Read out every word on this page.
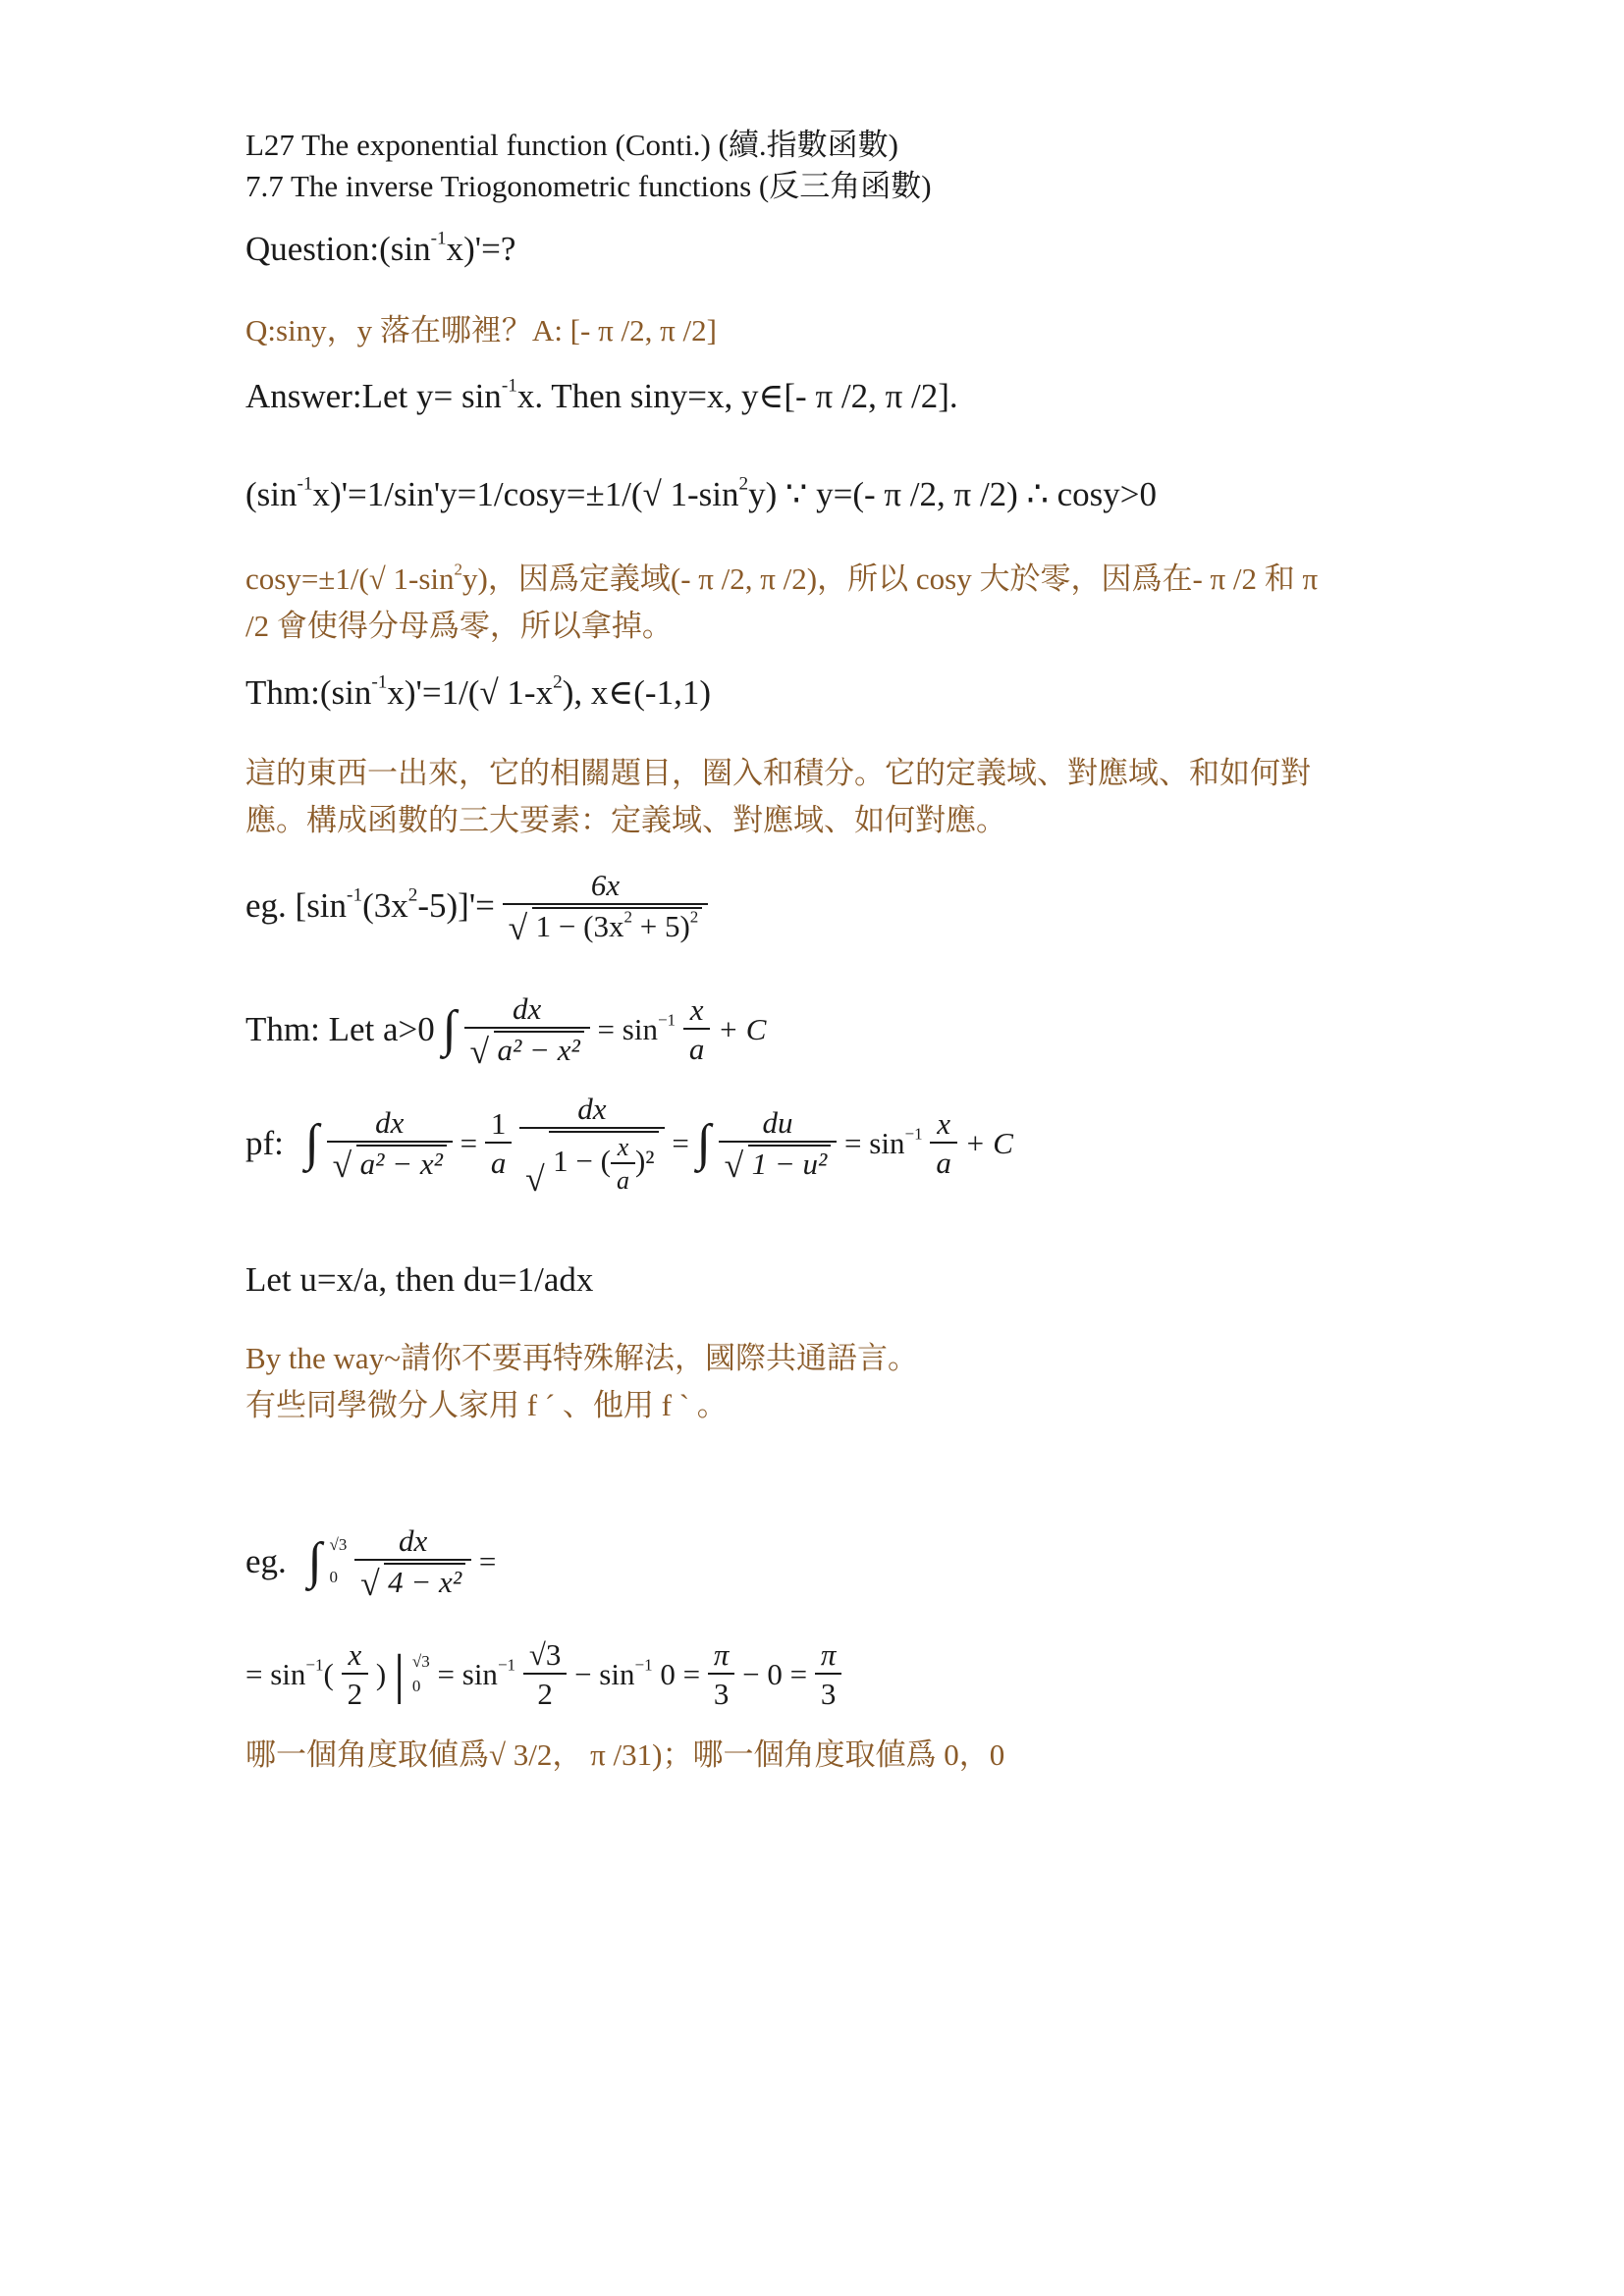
L27 The exponential function (Conti.) (續.指數函數)
7.7 The inverse Triogonometric functions (反三角函數)
$Question:(\sin^{-1}x)'=$?
Q:siny，y 落在哪裡？A: [- π /2, π /2]
Answer:Let $y= \sin^{-1}x$. Then siny=x, y∈[- π /2, π /2].
$(\sin^{-1}x)'=1/\sin'y=1/\cos y=\pm 1/(√$ $1-\sin^2y$) ∵ y=(- π /2, π /2) ∴ cosy>0
cosy=±1/(√ $1-\sin^2y$)，因爲定義域(- π /2, π /2)，所以 cosy 大於零，因爲在- π /2 和 π
/2 會使得分母爲零，所以拿掉。
$Thm:(\sin^{-1}x)'=1/(√$ $1-x^2$), x∈(-1,1)
這的東西一出來，它的相關題目，圈入和積分。它的定義域、對應域、和如何對
應。構成函數的三大要素：定義域、對應域、如何對應。
eg. $[\sin^{-1}(3x^2-5)]'= \frac{6x}{√ 1 - (3x^2 + 5)^2}$
Thm: Let a>0 ∫ $\frac{dx}{\text{√ a² − x²}} = \sin^{-1} \frac{x}{a} + C$
pf: ∫ $\frac{dx}{\text{√ a² − x²}} = \frac{1}{a}$
$\frac{dx}{√ 1 - ( \frac{x}{a} )^2}$ = ∫ $\frac{du}{\text{√ 1 − u²}} = \sin^{-1} \frac{x}{a} + C$
Let u=x/a, then du=1/adx
By the way~請你不要再特殊解法，國際共通語言。
有些同學微分人家用 f ˊ 、他用 f ˋ 。
eg. ∫ √3
0
$\frac{dx}{\text{√ 4 − x²}}$ =
= $\sin^{-1}( \frac{x}{2}$ ) | √3
$0 = \sin^{-1} \frac{√3}{2} - \sin^{-1} 0 = \frac{\pi}{3} - 0 = \frac{\pi}{3}$
哪一個角度取値爲√ 3/2， π /31)；哪一個角度取値爲 0，0
